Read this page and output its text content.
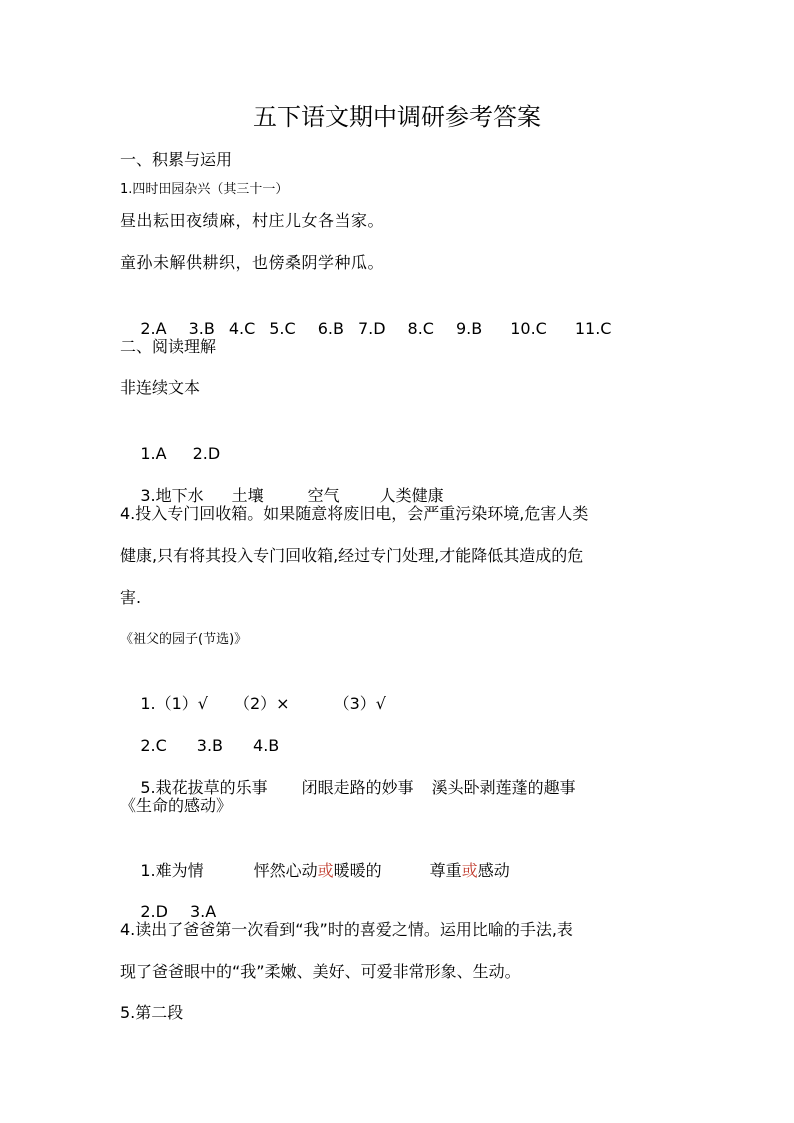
五下语文期中调研参考答案
一、积累与运用
1.四时田园杂兴（其三十一）
昼出耘田夜绩麻，村庄儿女各当家。
童孙未解供耕织，也傍桑阴学种瓜。

2.A 3.B 4.C 5.C 6.B 7.D 8.C 9.B 10.C 11.C

二、阅读理解
非连续文本

1.A 2.D

3.地下水 土壤	空气	人类健康

4.投入专门回收箱。如果随意将废旧电，会严重污染环境,危害人类
健康,只有将其投入专门回收箱,经过专门处理,才能降低其造成的危
害.
《祖父的园子(节选)》

1.（1）√ （2）×	（3）√

2.C 3.B 4.B

5.栽花拔草的乐事 闭眼走路的妙事 溪头卧剥莲蓬的趣事

《生命的感动》

1.难为情	怦然心动或暖暖的	尊重或感动

2.D 3.A

4.读出了爸爸第一次看到“我”时的喜爱之情。运用比喻的手法,表
现了爸爸眼中的“我”柔嫩、美好、可爱非常形象、生动。
5.第二段
